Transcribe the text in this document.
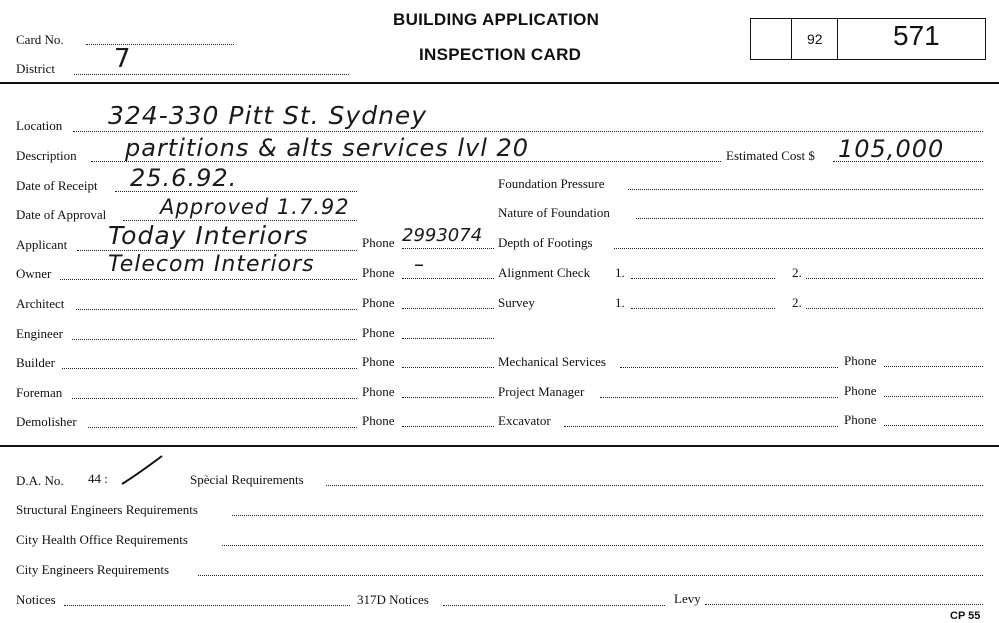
Card No.
District 7
BUILDING APPLICATION
INSPECTION CARD
92	571
Location 324-330 Pitt St. Sydney
Description partitions & alts services lvl 20	Estimated Cost $ 105,000
Date of Receipt 25.6.92.	Foundation Pressure
Date of Approval	Approved 1.7.92	Nature of Foundation
Applicant Today Interiors	Phone 2993074 Depth of Footings
Owner	Telecom Interiors	Phone –	Alignment Check 1.	2.
Architect	Phone	Survey	1.	2.
Engineer	Phone
Builder	Phone	Mechanical Services	Phone
Foreman	Phone	Project Manager	Phone
Demolisher	Phone	Excavator	Phone
D.A. No. 44 :	Spècial Requirements
Structural Engineers Requirements
City Health Office Requirements
City Engineers Requirements
Notices	317D Notices	Levy
CP 55
